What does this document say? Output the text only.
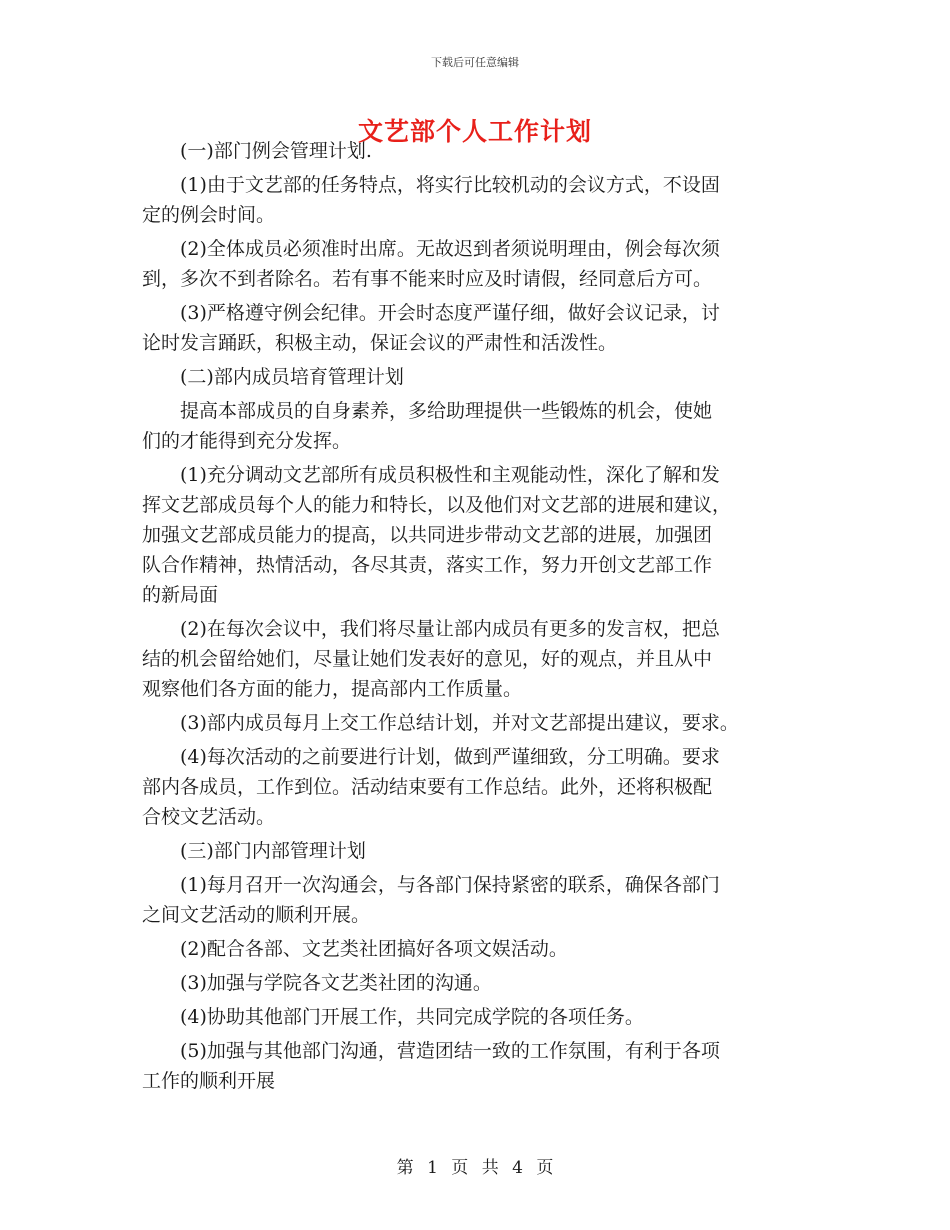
下载后可任意编辑
文艺部个人工作计划

(一)部门例会管理计划.

(1)由于文艺部的任务特点，将实行比较机动的会议方式，不设固
定的例会时间。

(2)全体成员必须准时出席。无故迟到者须说明理由，例会每次须
到，多次不到者除名。若有事不能来时应及时请假，经同意后方可。

(3)严格遵守例会纪律。开会时态度严谨仔细，做好会议记录，讨
论时发言踊跃，积极主动，保证会议的严肃性和活泼性。

(二)部内成员培育管理计划

提高本部成员的自身素养，多给助理提供一些锻炼的机会，使她
们的才能得到充分发挥。

(1)充分调动文艺部所有成员积极性和主观能动性，深化了解和发
挥文艺部成员每个人的能力和特长，以及他们对文艺部的进展和建议，
加强文艺部成员能力的提高，以共同进步带动文艺部的进展，加强团
队合作精神，热情活动，各尽其责，落实工作，努力开创文艺部工作
的新局面

(2)在每次会议中，我们将尽量让部内成员有更多的发言权，把总
结的机会留给她们，尽量让她们发表好的意见，好的观点，并且从中
观察他们各方面的能力，提高部内工作质量。

(3)部内成员每月上交工作总结计划，并对文艺部提出建议，要求。

(4)每次活动的之前要进行计划，做到严谨细致，分工明确。要求
部内各成员，工作到位。活动结束要有工作总结。此外，还将积极配
合校文艺活动。

(三)部门内部管理计划

(1)每月召开一次沟通会，与各部门保持紧密的联系，确保各部门
之间文艺活动的顺利开展。

(2)配合各部、文艺类社团搞好各项文娱活动。

(3)加强与学院各文艺类社团的沟通。

(4)协助其他部门开展工作，共同完成学院的各项任务。

(5)加强与其他部门沟通，营造团结一致的工作氛围，有利于各项
工作的顺利开展

第 1 页 共 4 页
